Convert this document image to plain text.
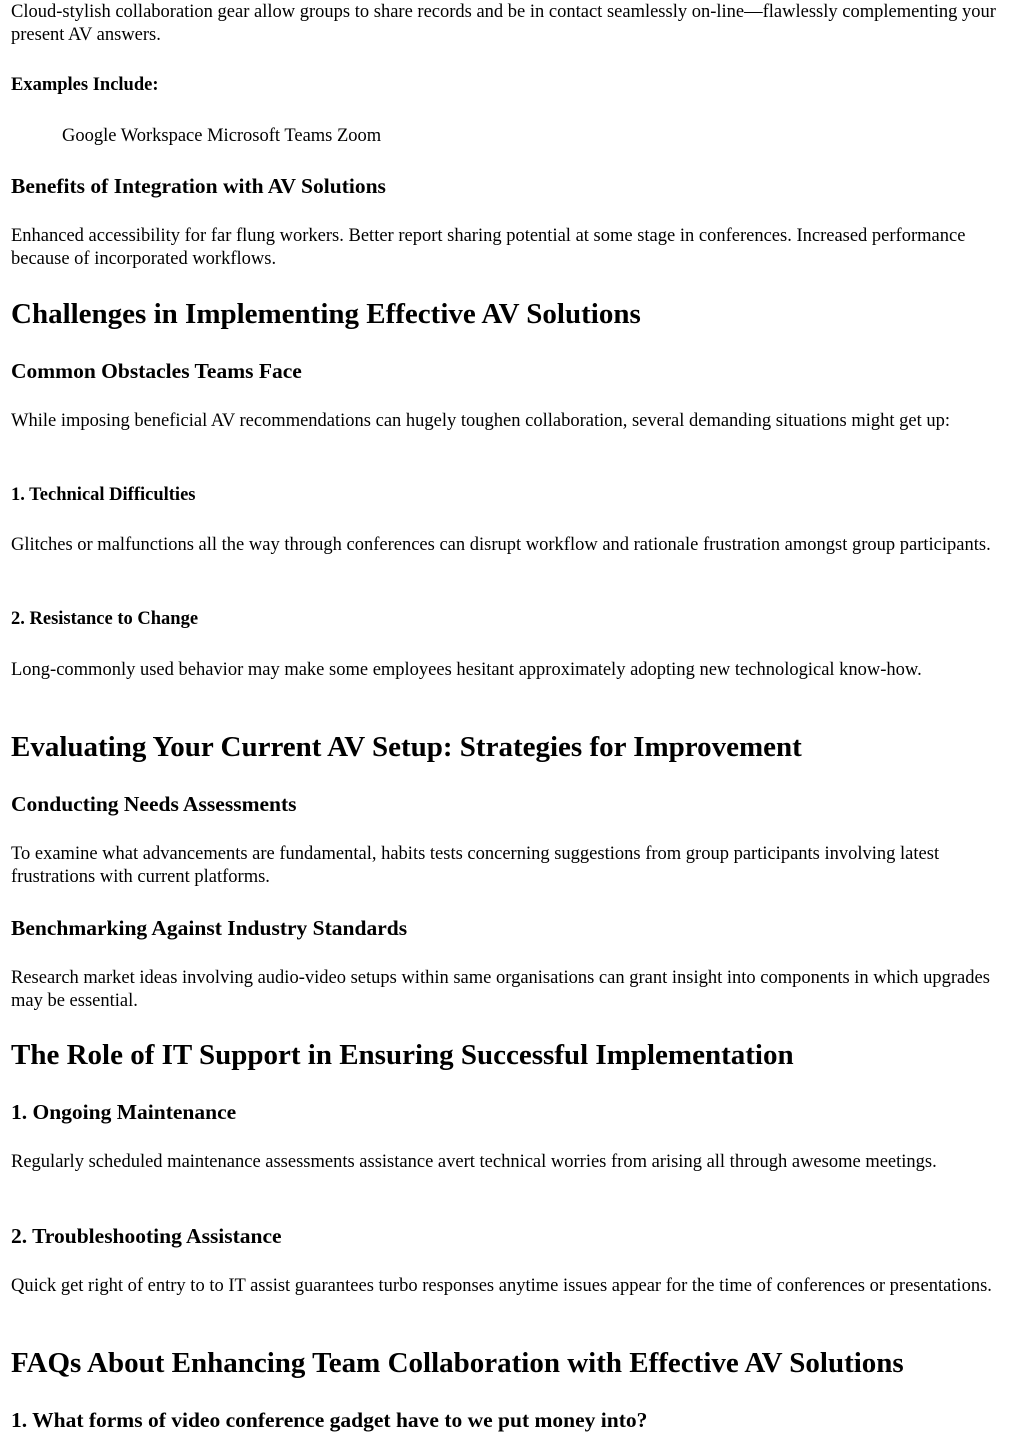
Cloud-stylish collaboration gear allow groups to share records and be in contact seamlessly on-line—flawlessly complementing your present AV answers.

Examples Include:

Google Workspace Microsoft Teams Zoom

Benefits of Integration with AV Solutions

Enhanced accessibility for far flung workers. Better report sharing potential at some stage in conferences. Increased performance because of incorporated workflows.

Challenges in Implementing Effective AV Solutions
Common Obstacles Teams Face

While imposing beneficial AV recommendations can hugely toughen collaboration, several demanding situations might get up:

1. Technical Difficulties

Glitches or malfunctions all the way through conferences can disrupt workflow and rationale frustration amongst group participants.

2. Resistance to Change

Long-commonly used behavior may make some employees hesitant approximately adopting new technological know-how.

Evaluating Your Current AV Setup: Strategies for Improvement
Conducting Needs Assessments

To examine what advancements are fundamental, habits tests concerning suggestions from group participants involving latest frustrations with current platforms.

Benchmarking Against Industry Standards

Research market ideas involving audio-video setups within same organisations can grant insight into components in which upgrades may be essential.

The Role of IT Support in Ensuring Successful Implementation
1. Ongoing Maintenance

Regularly scheduled maintenance assessments assistance avert technical worries from arising all through awesome meetings.

2. Troubleshooting Assistance

Quick get right of entry to to IT assist guarantees turbo responses anytime issues appear for the time of conferences or presentations.

FAQs About Enhancing Team Collaboration with Effective AV Solutions
1. What forms of video conference gadget have to we put money into?
